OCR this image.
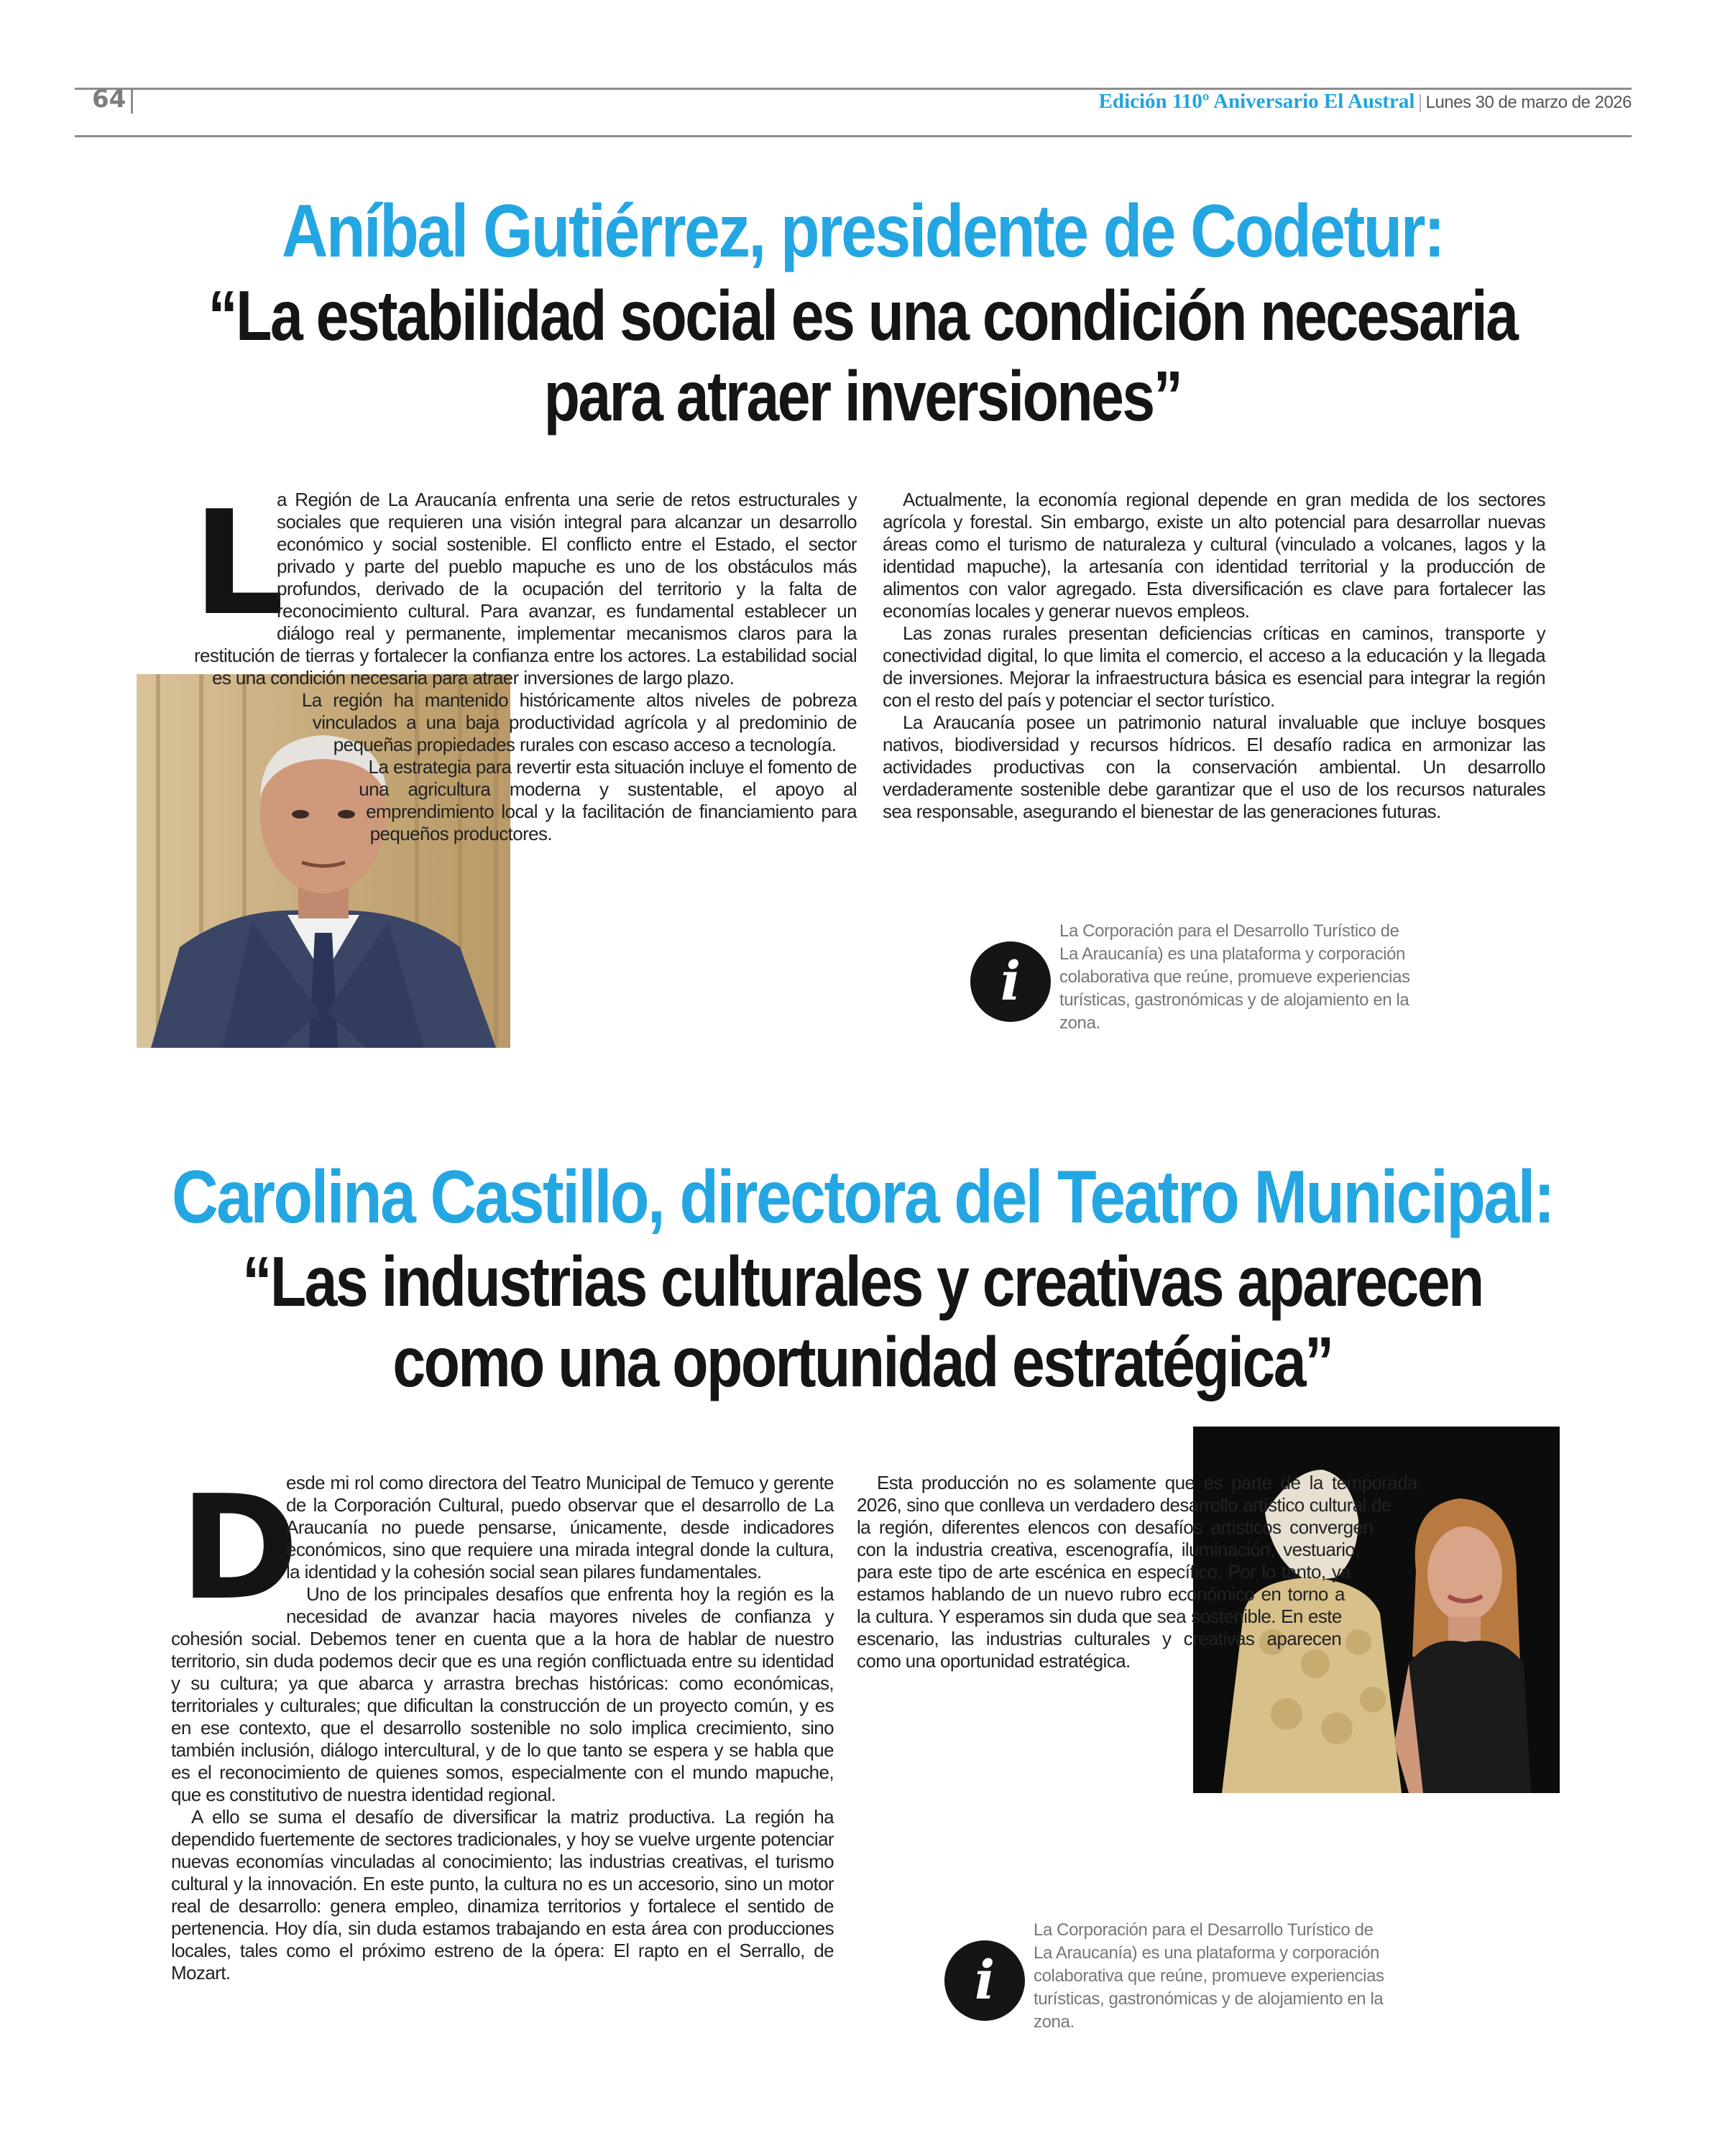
64	Edición 110º Aniversario El Austral | Lunes 30 de marzo de 2026
Aníbal Gutiérrez, presidente de Codetur:
“La estabilidad social es una condición necesaria
para atraer inversiones”
L

a Región de La Araucanía enfrenta una serie de retos estructurales y sociales que requieren una visión integral para alcanzar un desarrollo económico y social sostenible. El conflicto entre el Estado, el sector privado y parte del pueblo mapuche es uno de los obstáculos más profundos, derivado de la ocupación del territorio y la falta de reconocimiento cultural. Para avanzar, es fundamental establecer un diálogo real y permanente, implementar mecanismos claros para la restitución de tierras y fortalecer la confianza entre los actores. La estabilidad social es una condición necesaria para atraer inversiones de largo plazo.

La región ha mantenido históricamente altos niveles de pobreza vinculados a una baja productividad agrícola y al predominio de pequeñas propiedades rurales con escaso acceso a tecnología.

La estrategia para revertir esta situación incluye el fomento de una agricultura moderna y sustentable, el apoyo al emprendimiento local y la facilitación de financiamiento para pequeños productores.

Actualmente, la economía regional depende en gran medida de los sectores agrícola y forestal. Sin embargo, existe un alto potencial para desarrollar nuevas áreas como el turismo de naturaleza y cultural (vinculado a volcanes, lagos y la identidad mapuche), la artesanía con identidad territorial y la producción de alimentos con valor agregado. Esta diversificación es clave para fortalecer las economías locales y generar nuevos empleos.

Las zonas rurales presentan deficiencias críticas en caminos, transporte y conectividad digital, lo que limita el comercio, el acceso a la educación y la llegada de inversiones. Mejorar la infraestructura básica es esencial para integrar la región con el resto del país y potenciar el sector turístico.

La Araucanía posee un patrimonio natural invaluable que incluye bosques nativos, biodiversidad y recursos hídricos. El desafío radica en armonizar las actividades productivas con la conservación ambiental. Un desarrollo verdaderamente sostenible debe garantizar que el uso de los recursos naturales sea responsable, asegurando el bienestar de las generaciones futuras.

i
La Corporación para el Desarrollo Turístico de La Araucanía) es una plataforma y corporación colaborativa que reúne, promueve experiencias turísticas, gastronómicas y de alojamiento en la zona.
Carolina Castillo, directora del Teatro Municipal:
“Las industrias culturales y creativas aparecen
como una oportunidad estratégica”
D

esde mi rol como directora del Teatro Municipal de Temuco y gerente de la Corporación Cultural, puedo observar que el desarrollo de La Araucanía no puede pensarse, únicamente, desde indicadores económicos, sino que requiere una mirada integral donde la cultura, la identidad y la cohesión social sean pilares fundamentales.

Uno de los principales desafíos que enfrenta hoy la región es la necesidad de avanzar hacia mayores niveles de confianza y cohesión social. Debemos tener en cuenta que a la hora de hablar de nuestro territorio, sin duda podemos decir que es una región conflictuada entre su identidad y su cultura; ya que abarca y arrastra brechas históricas: como económicas, territoriales y culturales; que dificultan la construcción de un proyecto común, y es en ese contexto, que el desarrollo sostenible no solo implica crecimiento, sino también inclusión, diálogo intercultural, y de lo que tanto se espera y se habla que es el reconocimiento de quienes somos, especialmente con el mundo mapuche, que es constitutivo de nuestra identidad regional.

A ello se suma el desafío de diversificar la matriz productiva. La región ha dependido fuertemente de sectores tradicionales, y hoy se vuelve urgente potenciar nuevas economías vinculadas al conocimiento; las industrias creativas, el turismo cultural y la innovación. En este punto, la cultura no es un accesorio, sino un motor real de desarrollo: genera empleo, dinamiza territorios y fortalece el sentido de pertenencia. Hoy día, sin duda estamos trabajando en esta área con producciones locales, tales como el próximo estreno de la ópera: El rapto en el Serrallo, de Mozart.

Esta producción no es solamente que es parte de la temporada 2026, sino que conlleva un verdadero desarrollo artístico cultural de la región, diferentes elencos con desafíos artísticos convergen con la industria creativa, escenografía, iluminación, vestuario, para este tipo de arte escénica en específico. Por lo tanto, ya estamos hablando de un nuevo rubro económico en torno a la cultura. Y esperamos sin duda que sea sostenible. En este escenario, las industrias culturales y creativas aparecen como una oportunidad estratégica.

i
La Corporación para el Desarrollo Turístico de La Araucanía) es una plataforma y corporación colaborativa que reúne, promueve experiencias turísticas, gastronómicas y de alojamiento en la zona.
